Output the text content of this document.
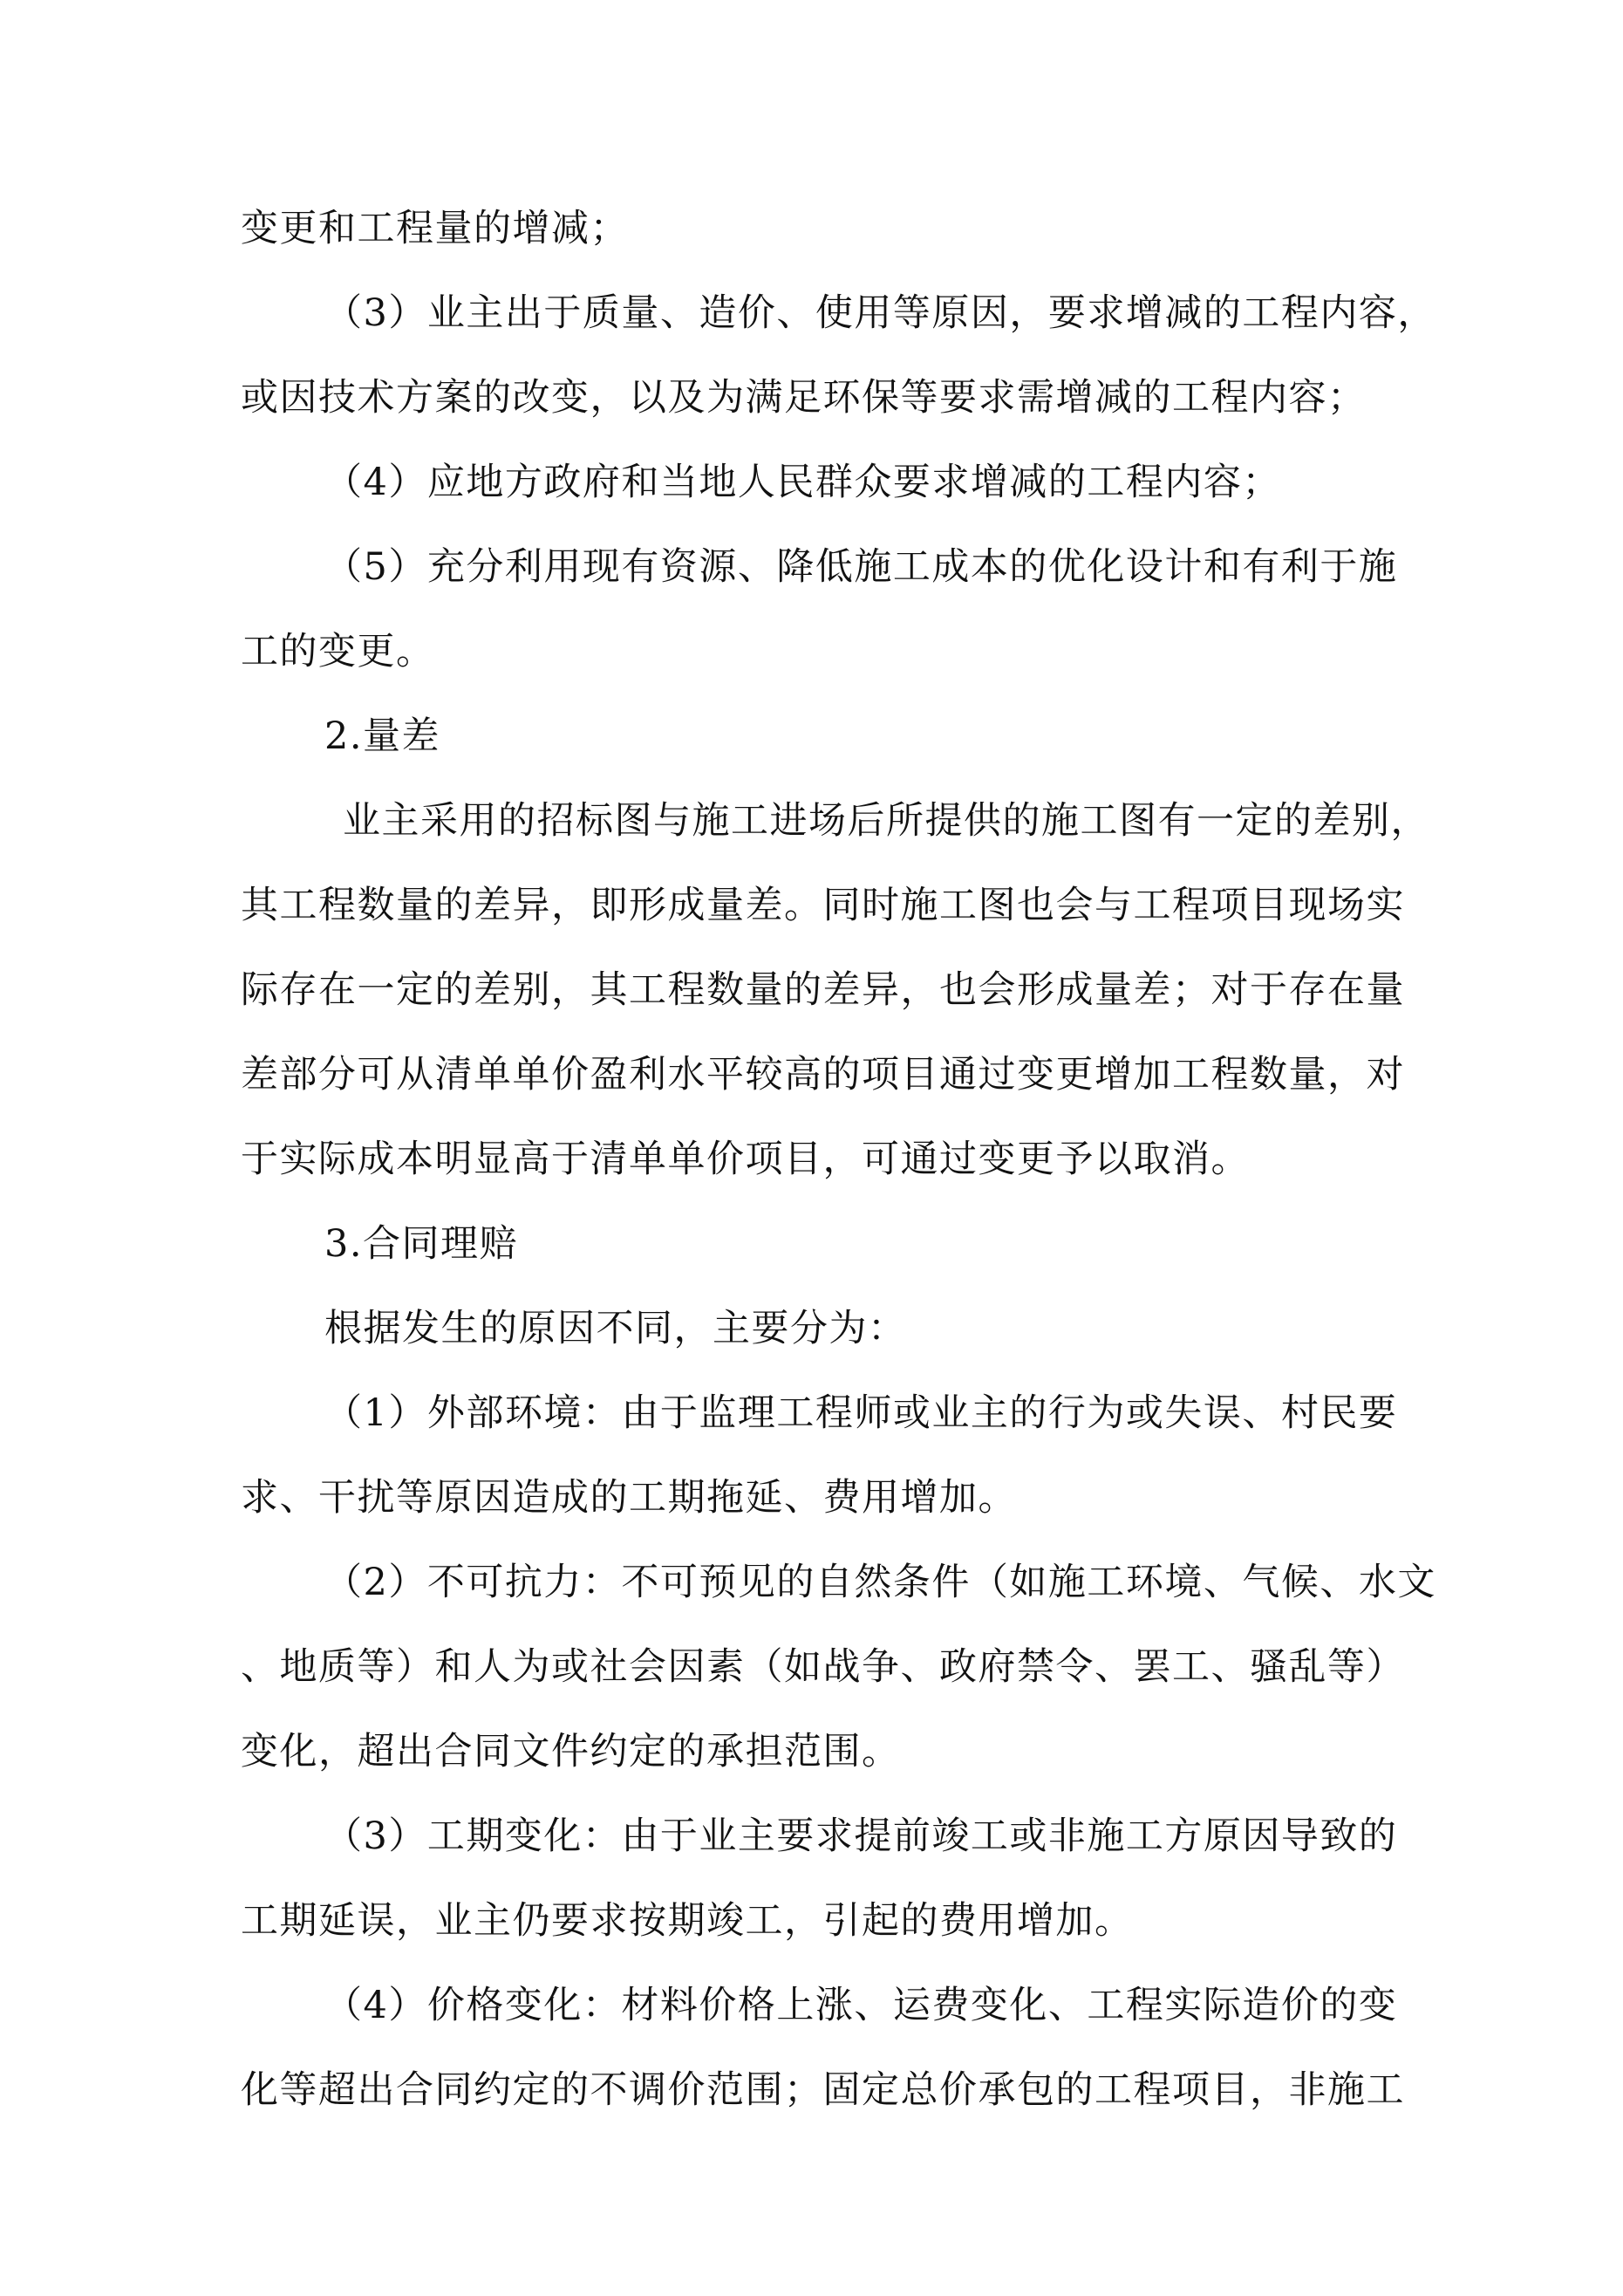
变更和工程量的增减；
（3）业主出于质量、造价、使用等原因，要求增减的工程内容，
或因技术方案的改变，以及为满足环保等要求需增减的工程内容；
（4）应地方政府和当地人民群众要求增减的工程内容；
（5）充分利用现有资源、降低施工成本的优化设计和有利于施
工的变更。
2.量差
业主采用的招标图与施工进场后所提供的施工图有一定的差别，
其工程数量的差异，即形成量差。同时施工图也会与工程项目现场实
际存在一定的差别，其工程数量的差异，也会形成量差；对于存在量
差部分可从清单单价盈利水平较高的项目通过变更增加工程数量，对
于实际成本明显高于清单单价项目，可通过变更予以取消。
3.合同理赔
根据发生的原因不同，主要分为：
（1）外部环境：由于监理工程师或业主的行为或失误、村民要
求、干扰等原因造成的工期拖延、费用增加。
（2）不可抗力：不可预见的自然条件（如施工环境、气候、水文
、地质等）和人为或社会因素（如战争、政府禁令、罢工、骚乱等）
变化，超出合同文件约定的承担范围。
（3）工期变化：由于业主要求提前竣工或非施工方原因导致的
工期延误，业主仍要求按期竣工，引起的费用增加。
（4）价格变化：材料价格上涨、运费变化、工程实际造价的变
化等超出合同约定的不调价范围；固定总价承包的工程项目，非施工
